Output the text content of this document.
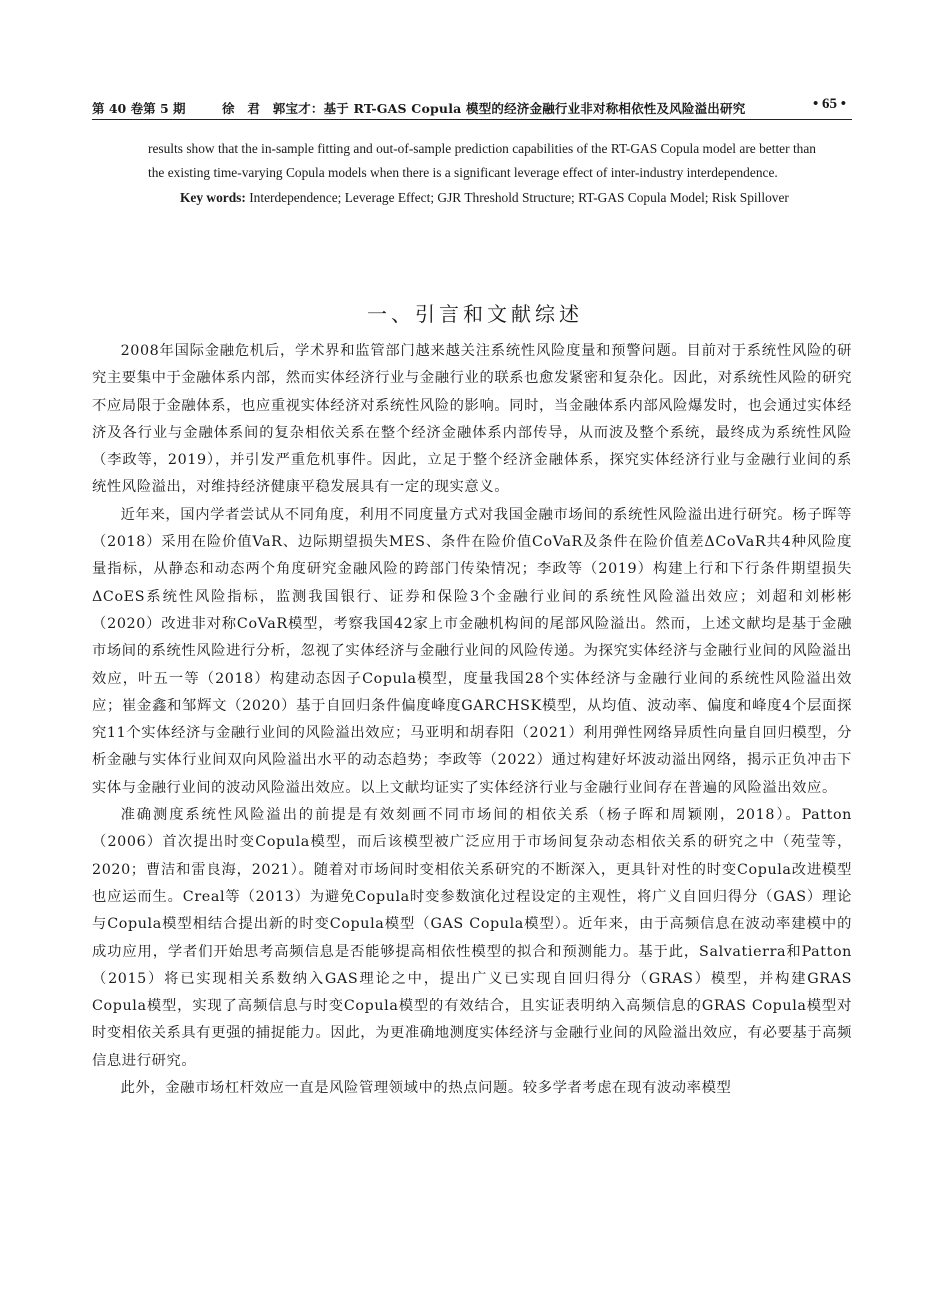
第 40 卷第 5 期	徐　君　郭宝才：基于 RT-GAS Copula 模型的经济金融行业非对称相依性及风险溢出研究	• 65 •

results show that the in-sample fitting and out-of-sample prediction capabilities of the RT-GAS Copula model are better than the existing time-varying Copula models when there is a significant leverage effect of inter-industry interdependence.

Key words: Interdependence; Leverage Effect; GJR Threshold Structure; RT-GAS Copula Model; Risk Spillover

一、引言和文献综述

2008年国际金融危机后，学术界和监管部门越来越关注系统性风险度量和预警问题。目前对于系统性风险的研究主要集中于金融体系内部，然而实体经济行业与金融行业的联系也愈发紧密和复杂化。因此，对系统性风险的研究不应局限于金融体系，也应重视实体经济对系统性风险的影响。同时，当金融体系内部风险爆发时，也会通过实体经济及各行业与金融体系间的复杂相依关系在整个经济金融体系内部传导，从而波及整个系统，最终成为系统性风险（李政等，2019），并引发严重危机事件。因此，立足于整个经济金融体系，探究实体经济行业与金融行业间的系统性风险溢出，对维持经济健康平稳发展具有一定的现实意义。

近年来，国内学者尝试从不同角度，利用不同度量方式对我国金融市场间的系统性风险溢出进行研究。杨子晖等（2018）采用在险价值VaR、边际期望损失MES、条件在险价值CoVaR及条件在险价值差ΔCoVaR共4种风险度量指标，从静态和动态两个角度研究金融风险的跨部门传染情况；李政等（2019）构建上行和下行条件期望损失ΔCoES系统性风险指标，监测我国银行、证券和保险3个金融行业间的系统性风险溢出效应；刘超和刘彬彬（2020）改进非对称CoVaR模型，考察我国42家上市金融机构间的尾部风险溢出。然而，上述文献均是基于金融市场间的系统性风险进行分析，忽视了实体经济与金融行业间的风险传递。为探究实体经济与金融行业间的风险溢出效应，叶五一等（2018）构建动态因子Copula模型，度量我国28个实体经济与金融行业间的系统性风险溢出效应；崔金鑫和邹辉文（2020）基于自回归条件偏度峰度GARCHSK模型，从均值、波动率、偏度和峰度4个层面探究11个实体经济与金融行业间的风险溢出效应；马亚明和胡春阳（2021）利用弹性网络异质性向量自回归模型，分析金融与实体行业间双向风险溢出水平的动态趋势；李政等（2022）通过构建好坏波动溢出网络，揭示正负冲击下实体与金融行业间的波动风险溢出效应。以上文献均证实了实体经济行业与金融行业间存在普遍的风险溢出效应。

准确测度系统性风险溢出的前提是有效刻画不同市场间的相依关系（杨子晖和周颖刚，2018）。Patton（2006）首次提出时变Copula模型，而后该模型被广泛应用于市场间复杂动态相依关系的研究之中（苑莹等，2020；曹洁和雷良海，2021）。随着对市场间时变相依关系研究的不断深入，更具针对性的时变Copula改进模型也应运而生。Creal等（2013）为避免Copula时变参数演化过程设定的主观性，将广义自回归得分（GAS）理论与Copula模型相结合提出新的时变Copula模型（GAS Copula模型）。近年来，由于高频信息在波动率建模中的成功应用，学者们开始思考高频信息是否能够提高相依性模型的拟合和预测能力。基于此，Salvatierra和Patton（2015）将已实现相关系数纳入GAS理论之中，提出广义已实现自回归得分（GRAS）模型，并构建GRAS Copula模型，实现了高频信息与时变Copula模型的有效结合，且实证表明纳入高频信息的GRAS Copula模型对时变相依关系具有更强的捕捉能力。因此，为更准确地测度实体经济与金融行业间的风险溢出效应，有必要基于高频信息进行研究。

此外，金融市场杠杆效应一直是风险管理领域中的热点问题。较多学者考虑在现有波动率模型
